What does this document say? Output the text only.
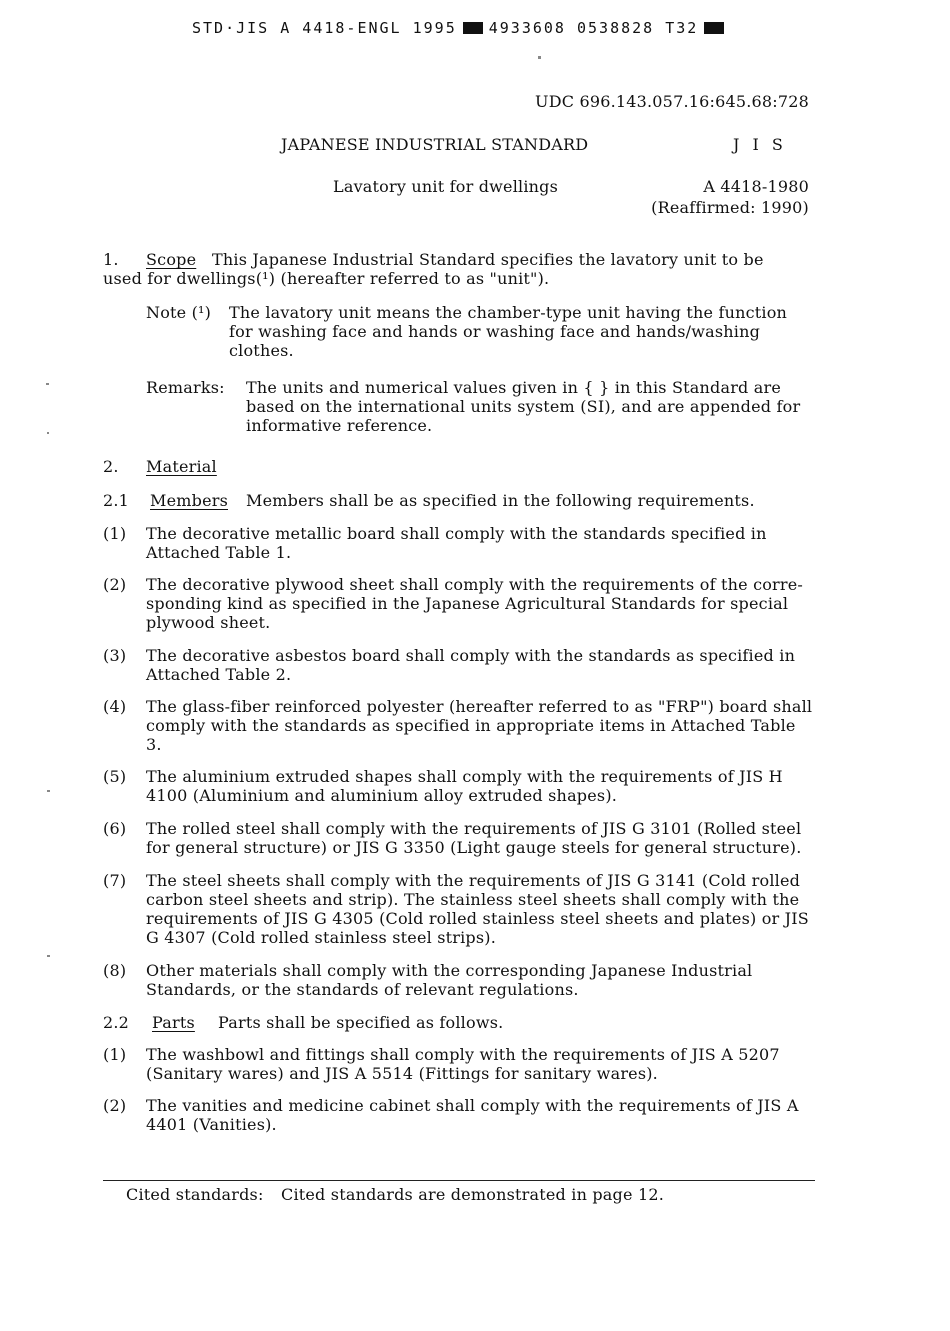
STD·JIS A 4418-ENGL 1995 4933608 0538828 T32
UDC 696.143.057.16:645.68:728
JAPANESE INDUSTRIAL STANDARD	J I S
Lavatory unit for dwellings	A 4418-1980
(Reaffirmed: 1990)
1. Scope This Japanese Industrial Standard specifies the lavatory unit to be
used for dwellings(¹) (hereafter referred to as "unit").
Note (¹) The lavatory unit means the chamber-type unit having the function for washing face and hands or washing face and hands/washing clothes.
Remarks: The units and numerical values given in { } in this Standard are based on the international units system (SI), and are appended for informative reference.
2. Material
2.1 Members Members shall be as specified in the following requirements.
(1) The decorative metallic board shall comply with the standards specified in Attached Table 1.
(2) The decorative plywood sheet shall comply with the requirements of the corre-sponding kind as specified in the Japanese Agricultural Standards for special plywood sheet.
(3) The decorative asbestos board shall comply with the standards as specified in Attached Table 2.
(4) The glass-fiber reinforced polyester (hereafter referred to as "FRP") board shall comply with the standards as specified in appropriate items in Attached Table 3.
(5) The aluminium extruded shapes shall comply with the requirements of JIS H 4100 (Aluminium and aluminium alloy extruded shapes).
(6) The rolled steel shall comply with the requirements of JIS G 3101 (Rolled steel for general structure) or JIS G 3350 (Light gauge steels for general structure).
(7) The steel sheets shall comply with the requirements of JIS G 3141 (Cold rolled carbon steel sheets and strip). The stainless steel sheets shall comply with the requirements of JIS G 4305 (Cold rolled stainless steel sheets and plates) or JIS G 4307 (Cold rolled stainless steel strips).
(8) Other materials shall comply with the corresponding Japanese Industrial Standards, or the standards of relevant regulations.
2.2 Parts Parts shall be specified as follows.
(1) The washbowl and fittings shall comply with the requirements of JIS A 5207 (Sanitary wares) and JIS A 5514 (Fittings for sanitary wares).
(2) The vanities and medicine cabinet shall comply with the requirements of JIS A 4401 (Vanities).
Cited standards: Cited standards are demonstrated in page 12.
